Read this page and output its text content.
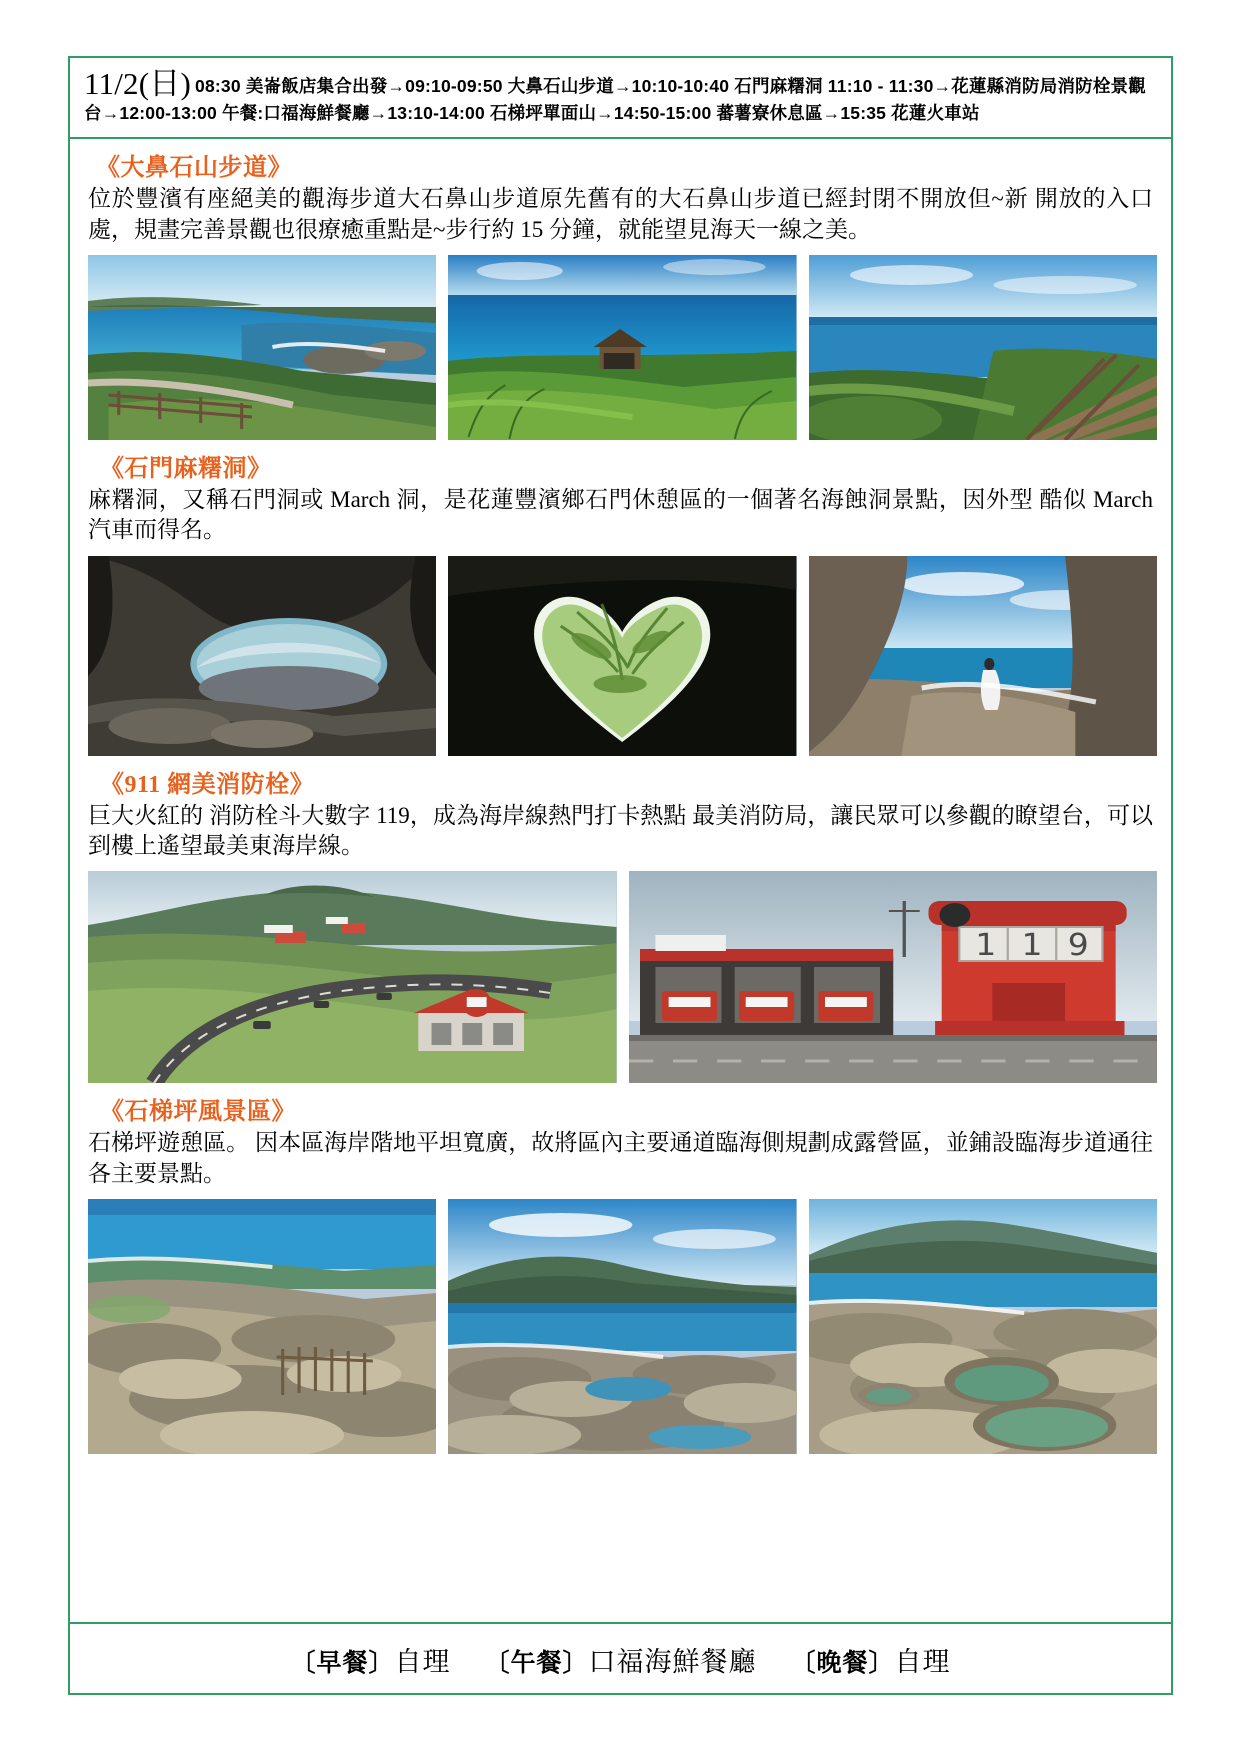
11/2(日) 08:30 美崙飯店集合出發→09:10-09:50 大鼻石山步道→10:10-10:40 石門麻糬洞 11:10 - 11:30→花蓮縣消防局消防栓景觀台→12:00-13:00 午餐:口福海鮮餐廳→13:10-14:00 石梯坪單面山→14:50-15:00 蕃薯寮休息區→15:35 花蓮火車站
《大鼻石山步道》
位於豐濱有座絕美的觀海步道大石鼻山步道原先舊有的大石鼻山步道已經封閉不開放但~新 開放的入口處，規畫完善景觀也很療癒重點是~步行約 15 分鐘，就能望見海天一線之美。
《石門麻糬洞》
麻糬洞，又稱石門洞或 March 洞，是花蓮豐濱鄉石門休憩區的一個著名海蝕洞景點，因外型 酷似 March 汽車而得名。
《911 網美消防栓》
巨大火紅的 消防栓斗大數字 119，成為海岸線熱門打卡熱點 最美消防局，讓民眾可以參觀的瞭望台，可以到樓上遙望最美東海岸線。
1 1 9
《石梯坪風景區》
石梯坪遊憩區。 因本區海岸階地平坦寬廣，故將區內主要通道臨海側規劃成露營區，並鋪設臨海步道通往各主要景點。
〔早餐〕自理 〔午餐〕口福海鮮餐廳 〔晚餐〕自理
